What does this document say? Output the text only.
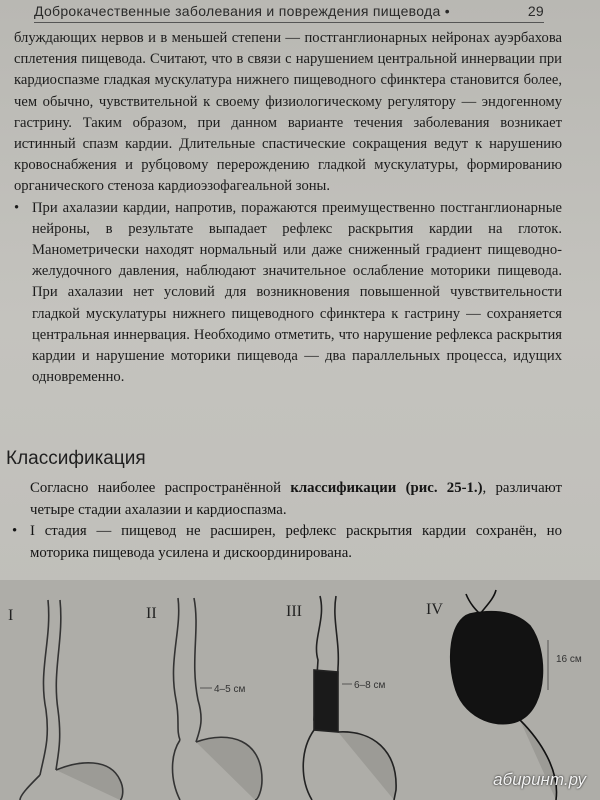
Доброкачественные заболевания и повреждения пищевода •	29

блуждающих нервов и в меньшей степени — постганглионарных нейронах ауэрбахова сплетения пищевода. Считают, что в связи с нарушением центральной иннервации при кардиоспазме гладкая мускулатура нижнего пищеводного сфинктера становится более, чем обычно, чувствительной к своему физиологическому регулятору — эндогенному гастрину. Таким образом, при данном варианте течения заболевания возникает истинный спазм кардии. Длительные спастические сокращения ведут к нарушению кровоснабжения и рубцовому перерождению гладкой мускулатуры, формированию органического стеноза кардиоэзофагеальной зоны.

• При ахалазии кардии, напротив, поражаются преимущественно постганглионарные нейроны, в результате выпадает рефлекс раскрытия кардии на глоток. Манометрически находят нормальный или даже сниженный градиент пищеводно-желудочного давления, наблюдают значительное ослабление моторики пищевода. При ахалазии нет условий для возникновения повышенной чувствительности гладкой мускулатуры нижнего пищеводного сфинктера к гастрину — сохраняется центральная иннервация. Необходимо отметить, что нарушение рефлекса раскрытия кардии и нарушение моторики пищевода — два параллельных процесса, идущих одновременно.

Классификация

Согласно наиболее распространённой классификации (рис. 25-1.), различают четыре стадии ахалазии и кардиоспазма.

• I стадия — пищевод не расширен, рефлекс раскрытия кардии сохранён, но моторика пищевода усилена и дискоординирована.

I	II	III	IV
4–5 см	6–8 см
16 см
абиринт.ру
